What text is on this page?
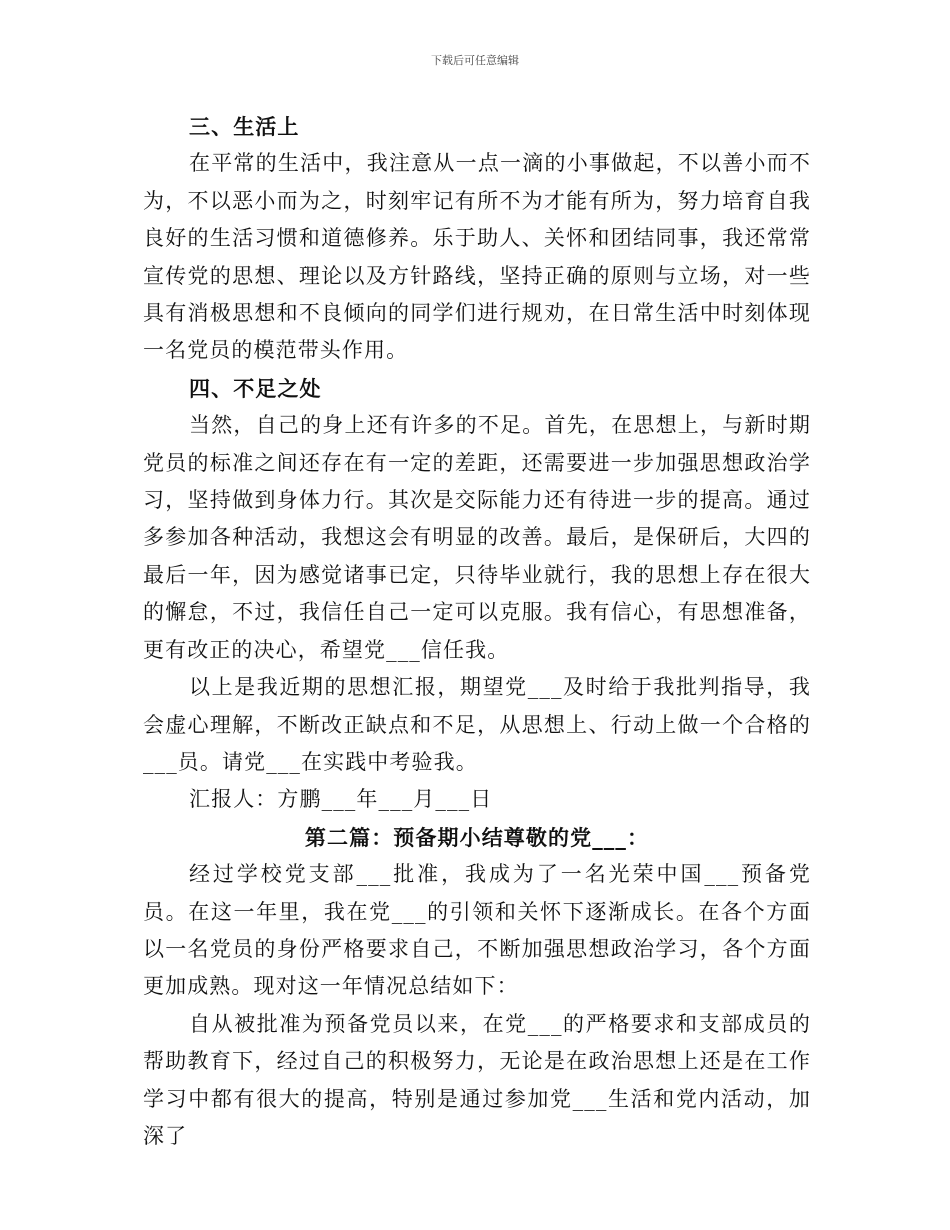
下载后可任意编辑

三、生活上

在平常的生活中，我注意从一点一滴的小事做起，不以善小而不为，不以恶小而为之，时刻牢记有所不为才能有所为，努力培育自我良好的生活习惯和道德修养。乐于助人、关怀和团结同事，我还常常宣传党的思想、理论以及方针路线，坚持正确的原则与立场，对一些具有消极思想和不良倾向的同学们进行规劝，在日常生活中时刻体现一名党员的模范带头作用。

四、不足之处

当然，自己的身上还有许多的不足。首先，在思想上，与新时期党员的标准之间还存在有一定的差距，还需要进一步加强思想政治学习，坚持做到身体力行。其次是交际能力还有待进一步的提高。通过多参加各种活动，我想这会有明显的改善。最后，是保研后，大四的最后一年，因为感觉诸事已定，只待毕业就行，我的思想上存在很大的懈怠，不过，我信任自己一定可以克服。我有信心，有思想准备，更有改正的决心，希望党___信任我。

以上是我近期的思想汇报，期望党___及时给于我批判指导，我会虚心理解，不断改正缺点和不足，从思想上、行动上做一个合格的___员。请党___在实践中考验我。

汇报人：方鹏___年___月___日

第二篇：预备期小结尊敬的党___：

经过学校党支部___批准，我成为了一名光荣中国___预备党员。在这一年里，我在党___的引领和关怀下逐渐成长。在各个方面以一名党员的身份严格要求自己，不断加强思想政治学习，各个方面更加成熟。现对这一年情况总结如下：

自从被批准为预备党员以来，在党___的严格要求和支部成员的帮助教育下，经过自己的积极努力，无论是在政治思想上还是在工作学习中都有很大的提高，特别是通过参加党___生活和党内活动，加深了
